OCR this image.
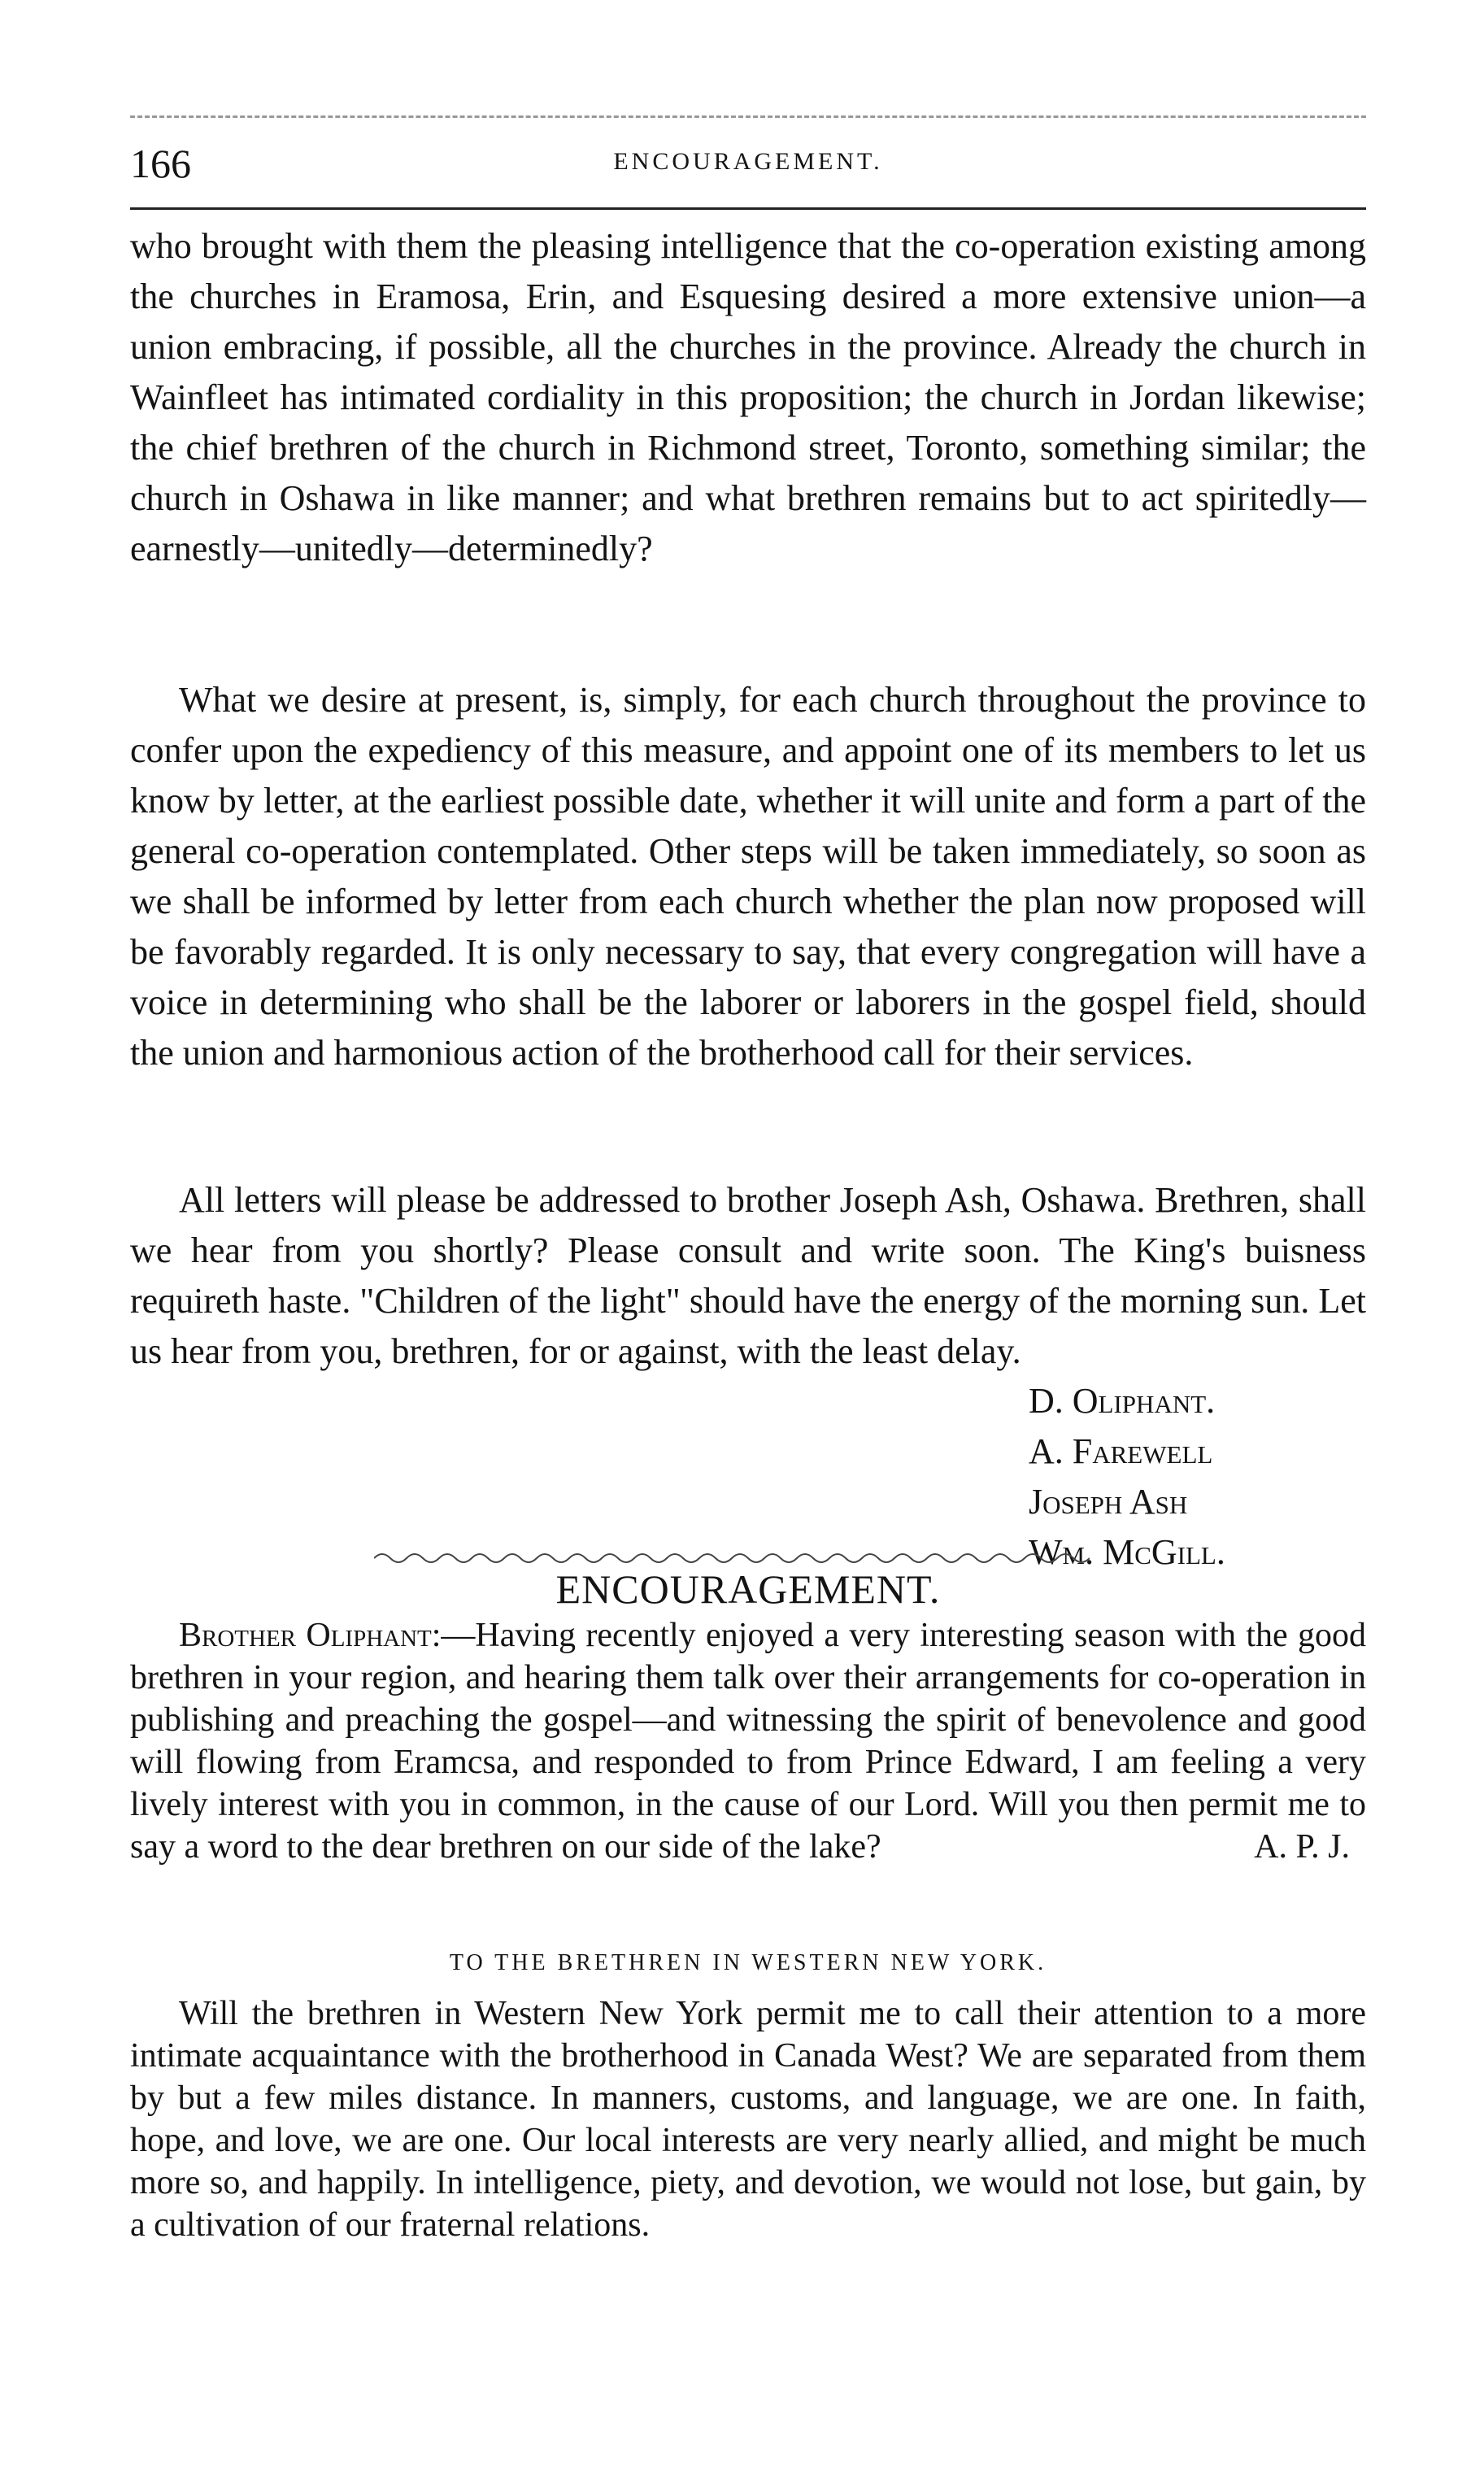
166	ENCOURAGEMENT.

who brought with them the pleasing intelligence that the co-operation existing among the churches in Eramosa, Erin, and Esquesing desired a more extensive union—a union embracing, if possible, all the churches in the province. Already the church in Wainfleet has intimated cordiality in this proposition; the church in Jordan likewise; the chief brethren of the church in Richmond street, Toronto, something similar; the church in Oshawa in like manner; and what brethren remains but to act spiritedly—earnestly—unitedly—determinedly?

What we desire at present, is, simply, for each church throughout the province to confer upon the expediency of this measure, and appoint one of its members to let us know by letter, at the earliest possible date, whether it will unite and form a part of the general co-operation contemplated. Other steps will be taken immediately, so soon as we shall be informed by letter from each church whether the plan now proposed will be favorably regarded. It is only necessary to say, that every congregation will have a voice in determining who shall be the laborer or laborers in the gospel field, should the union and harmonious action of the brotherhood call for their services.

All letters will please be addressed to brother Joseph Ash, Oshawa. Brethren, shall we hear from you shortly? Please consult and write soon. The King's buisness requireth haste. "Children of the light" should have the energy of the morning sun. Let us hear from you, brethren, for or against, with the least delay.

D. Oliphant.
A. Farewell
Joseph Ash
Wm. McGill.
ENCOURAGEMENT.

Brother Oliphant:—Having recently enjoyed a very interesting season with the good brethren in your region, and hearing them talk over their arrangements for co-operation in publishing and preaching the gospel—and witnessing the spirit of benevolence and good will flowing from Eramcsa, and responded to from Prince Edward, I am feeling a very lively interest with you in common, in the cause of our Lord. Will you then permit me to say a word to the dear brethren on our side of the lake?	A. P. J.

TO THE BRETHREN IN WESTERN NEW YORK.

Will the brethren in Western New York permit me to call their attention to a more intimate acquaintance with the brotherhood in Canada West? We are separated from them by but a few miles distance. In manners, customs, and language, we are one. In faith, hope, and love, we are one. Our local interests are very nearly allied, and might be much more so, and happily. In intelligence, piety, and devotion, we would not lose, but gain, by a cultivation of our fraternal relations.
